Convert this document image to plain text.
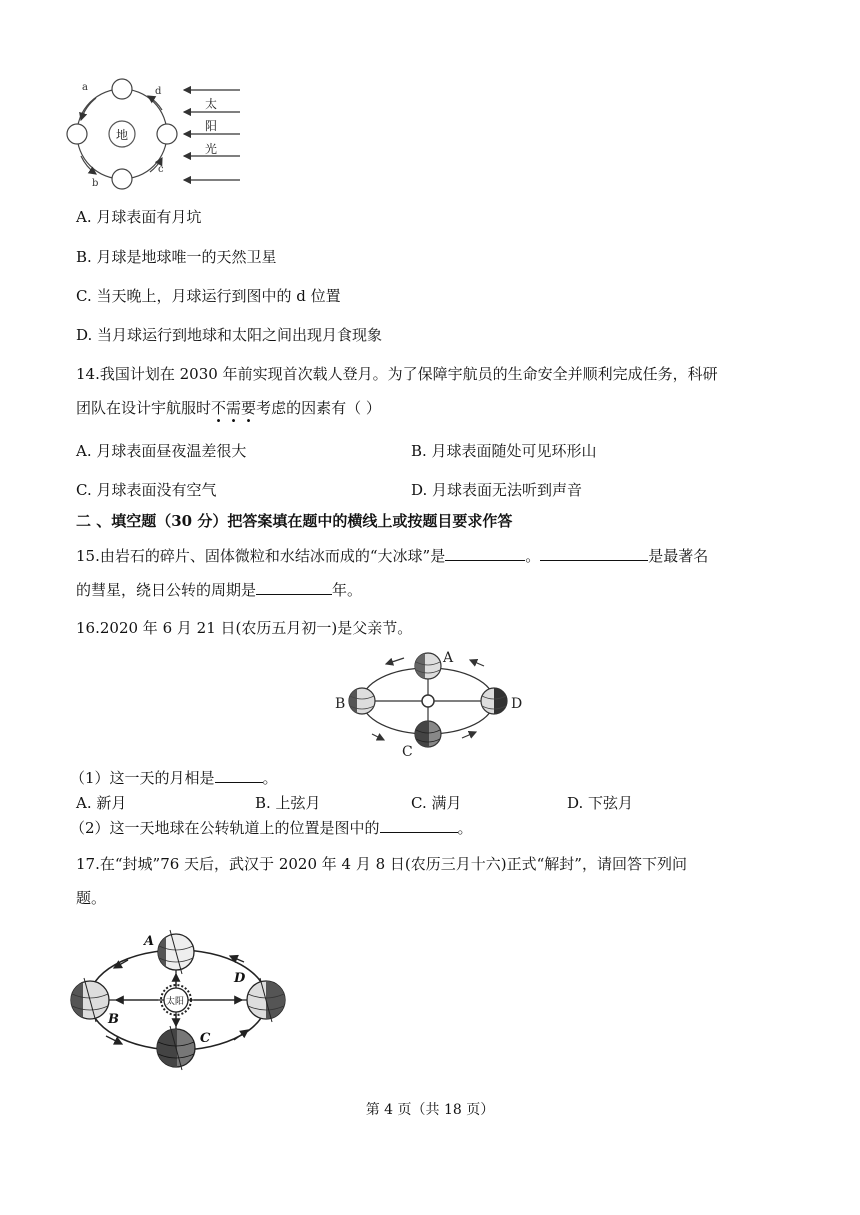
地
a	d
b
c
太
阳
光
A. 月球表面有月坑
B. 月球是地球唯一的天然卫星
C. 当天晚上，月球运行到图中的 d 位置
D. 当月球运行到地球和太阳之间出现月食现象
14.我国计划在 2030 年前实现首次载人登月。为了保障宇航员的生命安全并顺利完成任务，科研
团队在设计宇航服时不需要考虑的因素有（ ）
A. 月球表面昼夜温差很大	B. 月球表面随处可见环形山
C. 月球表面没有空气	D. 月球表面无法听到声音
二 、填空题（30 分）把答案填在题中的横线上或按题目要求作答
15.由岩石的碎片、固体微粒和水结冰而成的“大冰球”是	。	是最著名
的彗星，绕日公转的周期是	年。
16.2020 年 6 月 21 日(农历五月初一)是父亲节。
A
B
C
D
（1）这一天的月相是	。
A. 新月	B. 上弦月	C. 满月	D. 下弦月
（2）这一天地球在公转轨道上的位置是图中的	。
17.在“封城”76 天后，武汉于 2020 年 4 月 8 日(农历三月十六)正式“解封”，请回答下列问
题。
太阳
A
B
C
D
第 4 页（共 18 页）
